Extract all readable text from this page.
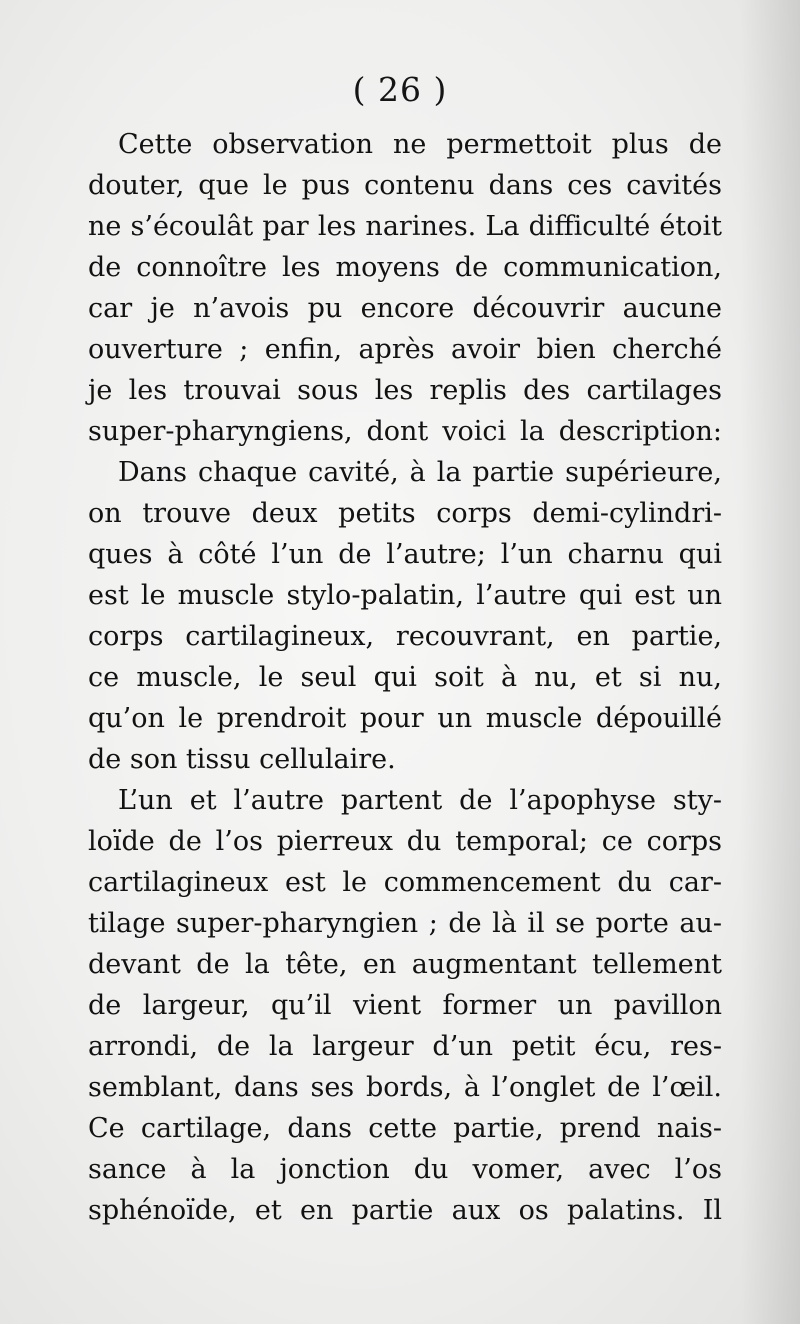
( 26 )
Cette observation ne permettoit plus de
douter, que le pus contenu dans ces cavités
ne s’écoulât par les narines. La difficulté étoit
de connoître les moyens de communication,
car je n’avois pu encore découvrir aucune
ouverture ; enfin, après avoir bien cherché
je les trouvai sous les replis des cartilages
super-pharyngiens, dont voici la description:
Dans chaque cavité, à la partie supérieure,
on trouve deux petits corps demi-cylindri-
ques à côté l’un de l’autre; l’un charnu qui
est le muscle stylo-palatin, l’autre qui est un
corps cartilagineux, recouvrant, en partie,
ce muscle, le seul qui soit à nu, et si nu,
qu’on le prendroit pour un muscle dépouillé
de son tissu cellulaire.
L’un et l’autre partent de l’apophyse sty-
loïde de l’os pierreux du temporal; ce corps
cartilagineux est le commencement du car-
tilage super-pharyngien ; de là il se porte au-
devant de la tête, en augmentant tellement
de largeur, qu’il vient former un pavillon
arrondi, de la largeur d’un petit écu, res-
semblant, dans ses bords, à l’onglet de l’œil.
Ce cartilage, dans cette partie, prend nais-
sance à la jonction du vomer, avec l’os
sphénoïde, et en partie aux os palatins. Il
